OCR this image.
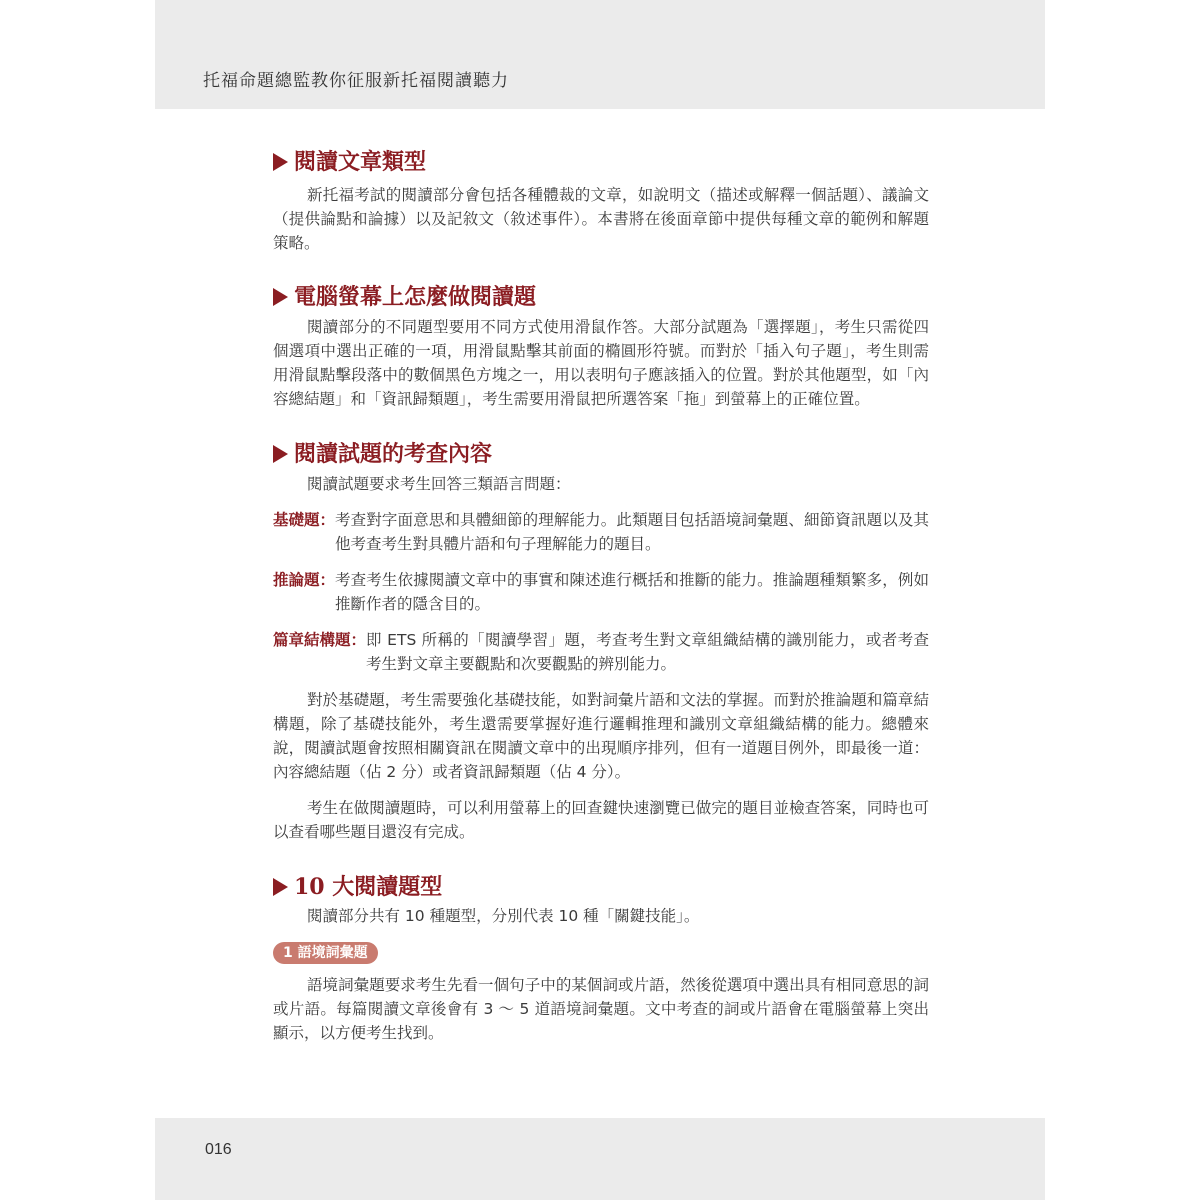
托福命題總監教你征服新托福閱讀聽力
閱讀文章類型

新托福考試的閱讀部分會包括各種體裁的文章，如說明文（描述或解釋一個話題）、議論文（提供論點和論據）以及記敘文（敘述事件）。本書將在後面章節中提供每種文章的範例和解題策略。

電腦螢幕上怎麼做閱讀題

閱讀部分的不同題型要用不同方式使用滑鼠作答。大部分試題為「選擇題」，考生只需從四個選項中選出正確的一項，用滑鼠點擊其前面的橢圓形符號。而對於「插入句子題」，考生則需用滑鼠點擊段落中的數個黑色方塊之一，用以表明句子應該插入的位置。對於其他題型，如「內容總結題」和「資訊歸類題」，考生需要用滑鼠把所選答案「拖」到螢幕上的正確位置。

閱讀試題的考查內容

閱讀試題要求考生回答三類語言問題：

基礎題： 考查對字面意思和具體細節的理解能力。此類題目包括語境詞彙題、細節資訊題以及其他考查考生對具體片語和句子理解能力的題目。
推論題： 考查考生依據閱讀文章中的事實和陳述進行概括和推斷的能力。推論題種類繁多，例如推斷作者的隱含目的。
篇章結構題： 即 ETS 所稱的「閱讀學習」題，考查考生對文章組織結構的識別能力，或者考查考生對文章主要觀點和次要觀點的辨別能力。

對於基礎題，考生需要強化基礎技能，如對詞彙片語和文法的掌握。而對於推論題和篇章結構題，除了基礎技能外，考生還需要掌握好進行邏輯推理和識別文章組織結構的能力。總體來說，閱讀試題會按照相關資訊在閱讀文章中的出現順序排列，但有一道題目例外，即最後一道：內容總結題（佔 2 分）或者資訊歸類題（佔 4 分）。

考生在做閱讀題時，可以利用螢幕上的回查鍵快速瀏覽已做完的題目並檢查答案，同時也可以查看哪些題目還沒有完成。

10 大閱讀題型

閱讀部分共有 10 種題型，分別代表 10 種「關鍵技能」。

1 語境詞彙題

語境詞彙題要求考生先看一個句子中的某個詞或片語，然後從選項中選出具有相同意思的詞或片語。每篇閱讀文章後會有 3 ～ 5 道語境詞彙題。文中考查的詞或片語會在電腦螢幕上突出顯示，以方便考生找到。

016
